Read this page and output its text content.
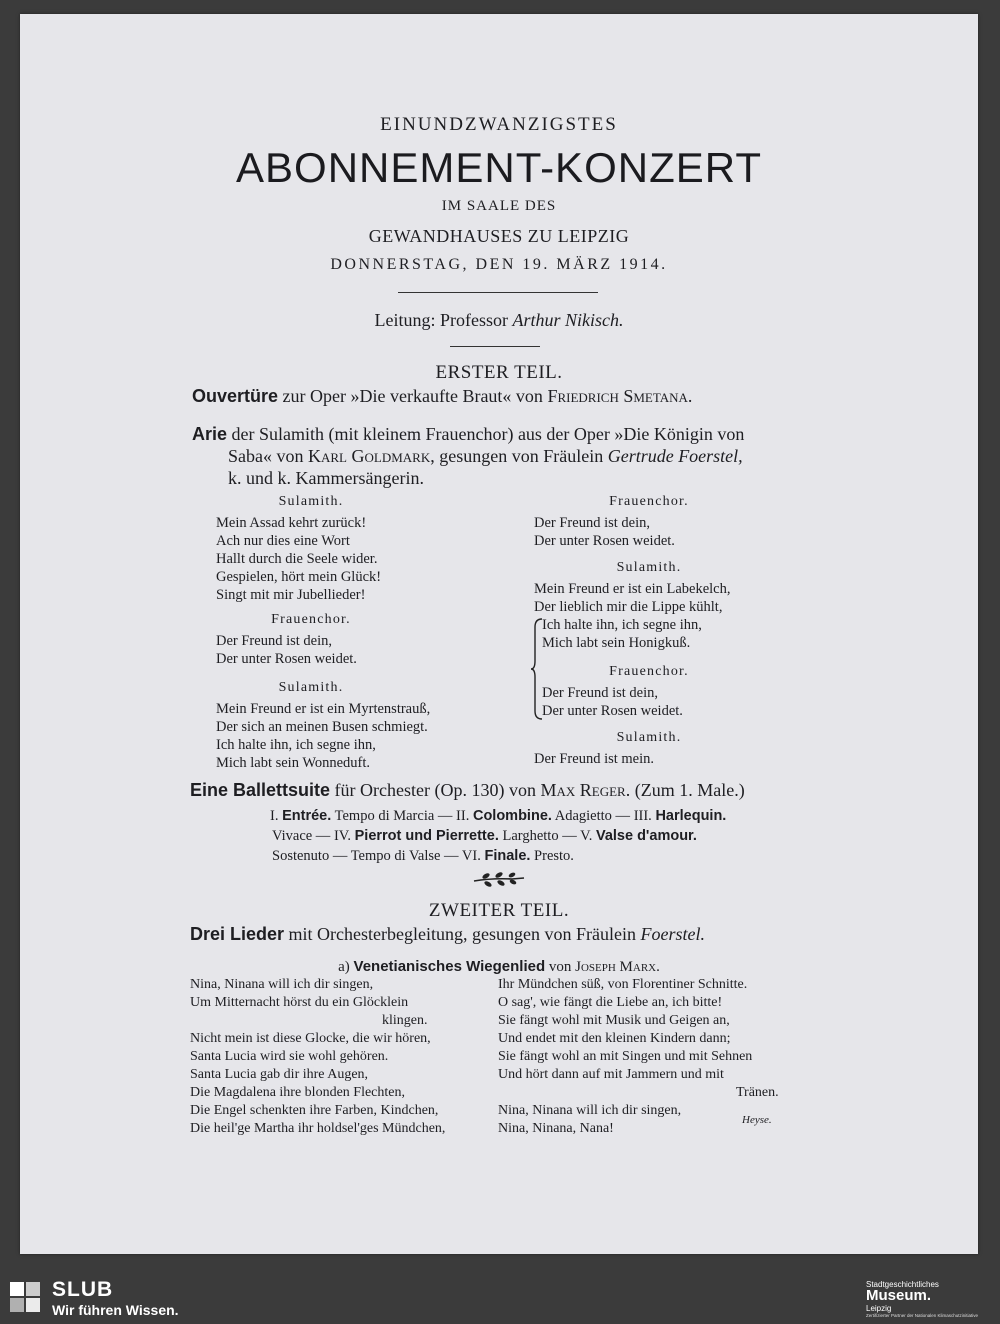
EINUNDZWANZIGSTES
ABONNEMENT-KONZERT
IM SAALE DES
GEWANDHAUSES ZU LEIPZIG
DONNERSTAG, DEN 19. MÄRZ 1914.
Leitung: Professor Arthur Nikisch.
ERSTER TEIL.
Ouvertüre zur Oper »Die verkaufte Braut« von Friedrich Smetana.
Arie der Sulamith (mit kleinem Frauenchor) aus der Oper »Die Königin von
Saba« von Karl Goldmark, gesungen von Fräulein Gertrude Foerstel,
k. und k. Kammersängerin.
Sulamith.
Mein Assad kehrt zurück!
Ach nur dies eine Wort
Hallt durch die Seele wider.
Gespielen, hört mein Glück!
Singt mit mir Jubellieder!
Frauenchor.
Der Freund ist dein,
Der unter Rosen weidet.
Sulamith.
Mein Freund er ist ein Myrtenstrauß,
Der sich an meinen Busen schmiegt.
Ich halte ihn, ich segne ihn,
Mich labt sein Wonneduft.
Frauenchor.
Der Freund ist dein,
Der unter Rosen weidet.
Sulamith.
Mein Freund er ist ein Labekelch,
Der lieblich mir die Lippe kühlt,
Ich halte ihn, ich segne ihn,
Mich labt sein Honigkuß.
Frauenchor.
Der Freund ist dein,
Der unter Rosen weidet.
Sulamith.
Der Freund ist mein.
Eine Ballettsuite für Orchester (Op. 130) von Max Reger. (Zum 1. Male.)
I. Entrée. Tempo di Marcia — II. Colombine. Adagietto — III. Harlequin.
Vivace — IV. Pierrot und Pierrette. Larghetto — V. Valse d'amour.
Sostenuto — Tempo di Valse — VI. Finale. Presto.
ZWEITER TEIL.
Drei Lieder mit Orchesterbegleitung, gesungen von Fräulein Foerstel.
a) Venetianisches Wiegenlied von Joseph Marx.
Nina, Ninana will ich dir singen,
Um Mitternacht hörst du ein Glöcklein
klingen.
Nicht mein ist diese Glocke, die wir hören,
Santa Lucia wird sie wohl gehören.
Santa Lucia gab dir ihre Augen,
Die Magdalena ihre blonden Flechten,
Die Engel schenkten ihre Farben, Kindchen,
Die heil'ge Martha ihr holdsel'ges Mündchen,
Ihr Mündchen süß, von Florentiner Schnitte.
O sag', wie fängt die Liebe an, ich bitte!
Sie fängt wohl mit Musik und Geigen an,
Und endet mit den kleinen Kindern dann;
Sie fängt wohl an mit Singen und mit Sehnen
Und hört dann auf mit Jammern und mit
Tränen.
Nina, Ninana will ich dir singen,
Nina, Ninana, Nana!
Heyse.
SLUB
Wir führen Wissen.
Stadtgeschichtliches
Museum.
Leipzig
Zertifizierter Partner der Nationalen Klimaschutzinitiative
